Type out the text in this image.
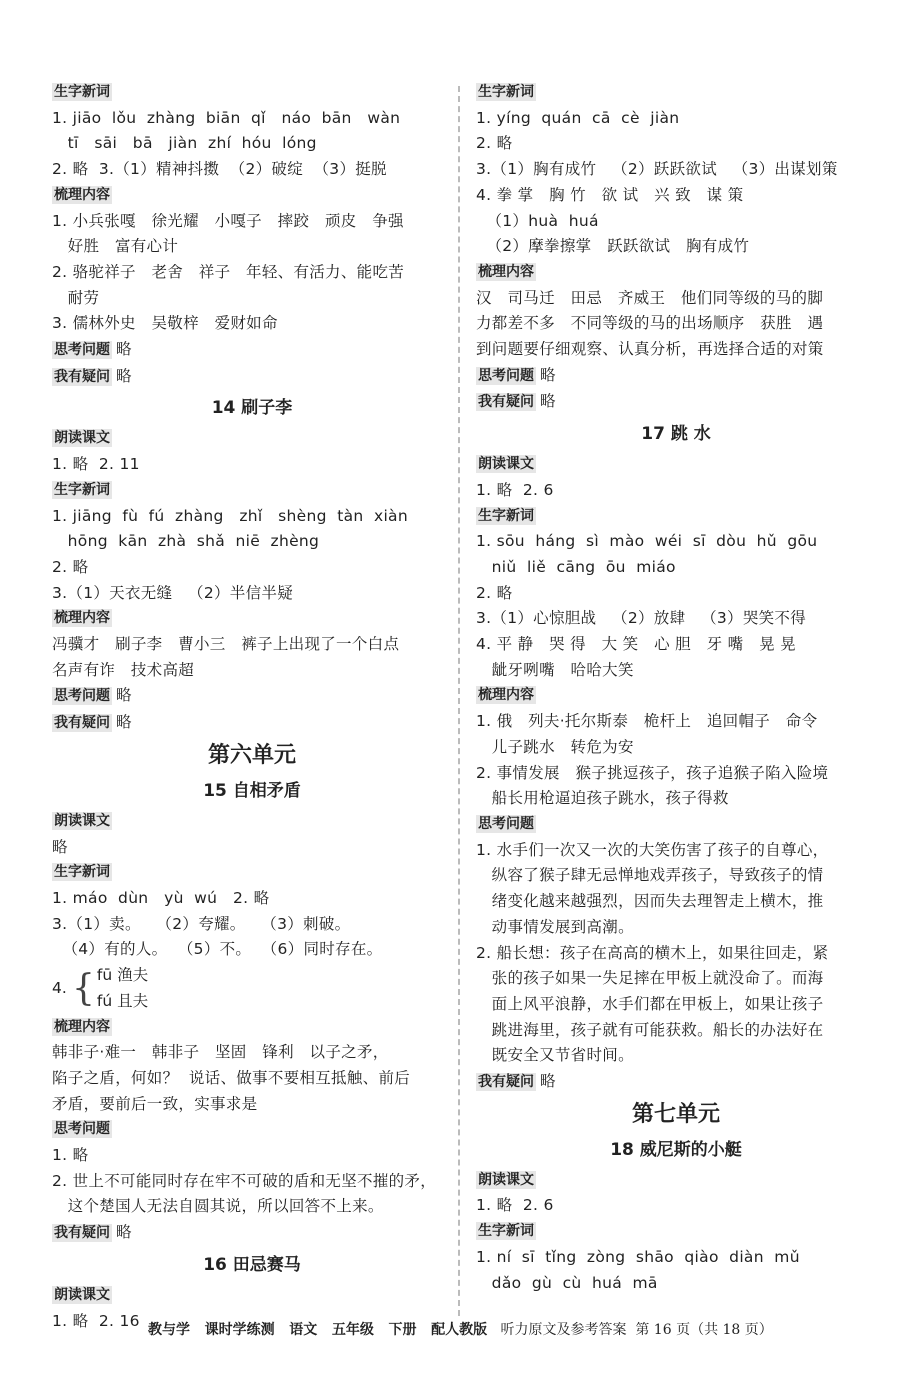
生字新词
1. jiāo  lǒu  zhàng  biān  qǐ   náo  bān   wàn
tī   sāi   bā   jiàn  zhí  hóu  lóng
2. 略  3.（1）精神抖擞  （2）破绽  （3）挺脱
梳理内容
1. 小兵张嘎   徐光耀   小嘎子   摔跤   顽皮   争强
好胜   富有心计
2. 骆驼祥子   老舍   祥子   年轻、有活力、能吃苦
耐劳
3. 儒林外史   吴敬梓   爱财如命
思考问题 略
我有疑问 略
14 刷子李
朗读课文
1. 略  2. 11
生字新词
1. jiāng  fù  fú  zhàng   zhǐ   shèng  tàn  xiàn
hōng  kān  zhà  shǎ  niē  zhèng
2. 略
3.（1）天衣无缝   （2）半信半疑
梳理内容
冯骥才   刷子李   曹小三   裤子上出现了一个白点
名声有诈   技术高超
思考问题 略
我有疑问 略
第六单元
15 自相矛盾
朗读课文
略
生字新词
1. máo  dùn   yù  wú   2. 略
3.（1）卖。   （2）夸耀。   （3）刺破。
（4）有的人。  （5）不。  （6）同时存在。
4. { fū 渔夫
fú 且夫
梳理内容
韩非子·难一   韩非子   坚固   锋利   以子之矛，
陷子之盾，何如？  说话、做事不要相互抵触、前后
矛盾，要前后一致，实事求是
思考问题
1. 略
2. 世上不可能同时存在牢不可破的盾和无坚不摧的矛，
这个楚国人无法自圆其说，所以回答不上来。
我有疑问 略
16 田忌赛马
朗读课文
1. 略  2. 16
生字新词
1. yíng  quán  cā  cè  jiàn
2. 略
3.（1）胸有成竹   （2）跃跃欲试   （3）出谋划策
4. 拳 掌   胸 竹   欲 试   兴 致   谋 策
（1）huà  huá
（2）摩拳擦掌   跃跃欲试   胸有成竹
梳理内容
汉   司马迁   田忌   齐威王   他们同等级的马的脚
力都差不多   不同等级的马的出场顺序   获胜   遇
到问题要仔细观察、认真分析，再选择合适的对策
思考问题 略
我有疑问 略
17 跳 水
朗读课文
1. 略  2. 6
生字新词
1. sōu  háng  sì  mào  wéi  sī  dòu  hǔ  gōu
niǔ  liě  cāng  ōu  miáo
2. 略
3.（1）心惊胆战   （2）放肆   （3）哭笑不得
4. 平 静   哭 得   大 笑   心 胆   牙 嘴   晃 晃
龇牙咧嘴   哈哈大笑
梳理内容
1. 俄   列夫·托尔斯泰   桅杆上   追回帽子   命令
儿子跳水   转危为安
2. 事情发展   猴子挑逗孩子，孩子追猴子陷入险境
船长用枪逼迫孩子跳水，孩子得救
思考问题
1. 水手们一次又一次的大笑伤害了孩子的自尊心，
纵容了猴子肆无忌惮地戏弄孩子，导致孩子的情
绪变化越来越强烈，因而失去理智走上横木，推
动事情发展到高潮。
2. 船长想：孩子在高高的横木上，如果往回走，紧
张的孩子如果一失足摔在甲板上就没命了。而海
面上风平浪静，水手们都在甲板上，如果让孩子
跳进海里，孩子就有可能获救。船长的办法好在
既安全又节省时间。
我有疑问 略
第七单元
18 威尼斯的小艇
朗读课文
1. 略  2. 6
生字新词
1. ní  sī  tǐng  zòng  shāo  qiào  diàn  mǔ
dǎo  gù  cù  huá  mā
教与学   课时学练测   语文   五年级   下册   配人教版   听力原文及参考答案  第 16 页（共 18 页）
